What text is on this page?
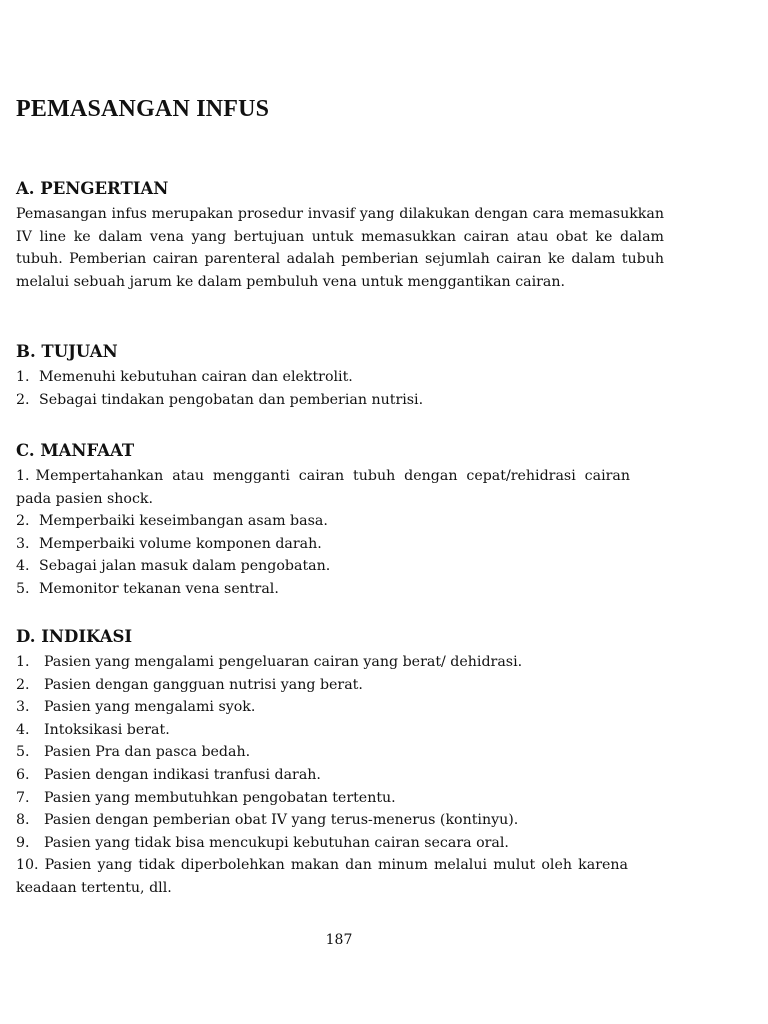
PEMASANGAN INFUS
A. PENGERTIAN

Pemasangan infus merupakan prosedur invasif yang dilakukan dengan cara memasukkan IV line ke dalam vena yang bertujuan untuk memasukkan cairan atau obat ke dalam tubuh. Pemberian cairan parenteral adalah pemberian sejumlah cairan ke dalam tubuh melalui sebuah jarum ke dalam pembuluh vena untuk menggantikan cairan.

B. TUJUAN
1. Memenuhi kebutuhan cairan dan elektrolit.
2. Sebagai tindakan pengobatan dan pemberian nutrisi.
C. MANFAAT
1. Mempertahankan atau mengganti cairan tubuh dengan cepat/rehidrasi cairan pada pasien shock.
2. Memperbaiki keseimbangan asam basa.
3. Memperbaiki volume komponen darah.
4. Sebagai jalan masuk dalam pengobatan.
5. Memonitor tekanan vena sentral.
D. INDIKASI
1.	Pasien yang mengalami pengeluaran cairan yang berat/ dehidrasi.
2.	Pasien dengan gangguan nutrisi yang berat.
3.	Pasien yang mengalami syok.
4.	Intoksikasi berat.
5.	Pasien Pra dan pasca bedah.
6.	Pasien dengan indikasi tranfusi darah.
7.	Pasien yang membutuhkan pengobatan tertentu.
8.	Pasien dengan pemberian obat IV yang terus-menerus (kontinyu).
9.	Pasien yang tidak bisa mencukupi kebutuhan cairan secara oral.
10. Pasien yang tidak diperbolehkan makan dan minum melalui mulut oleh karena keadaan tertentu, dll.

187
